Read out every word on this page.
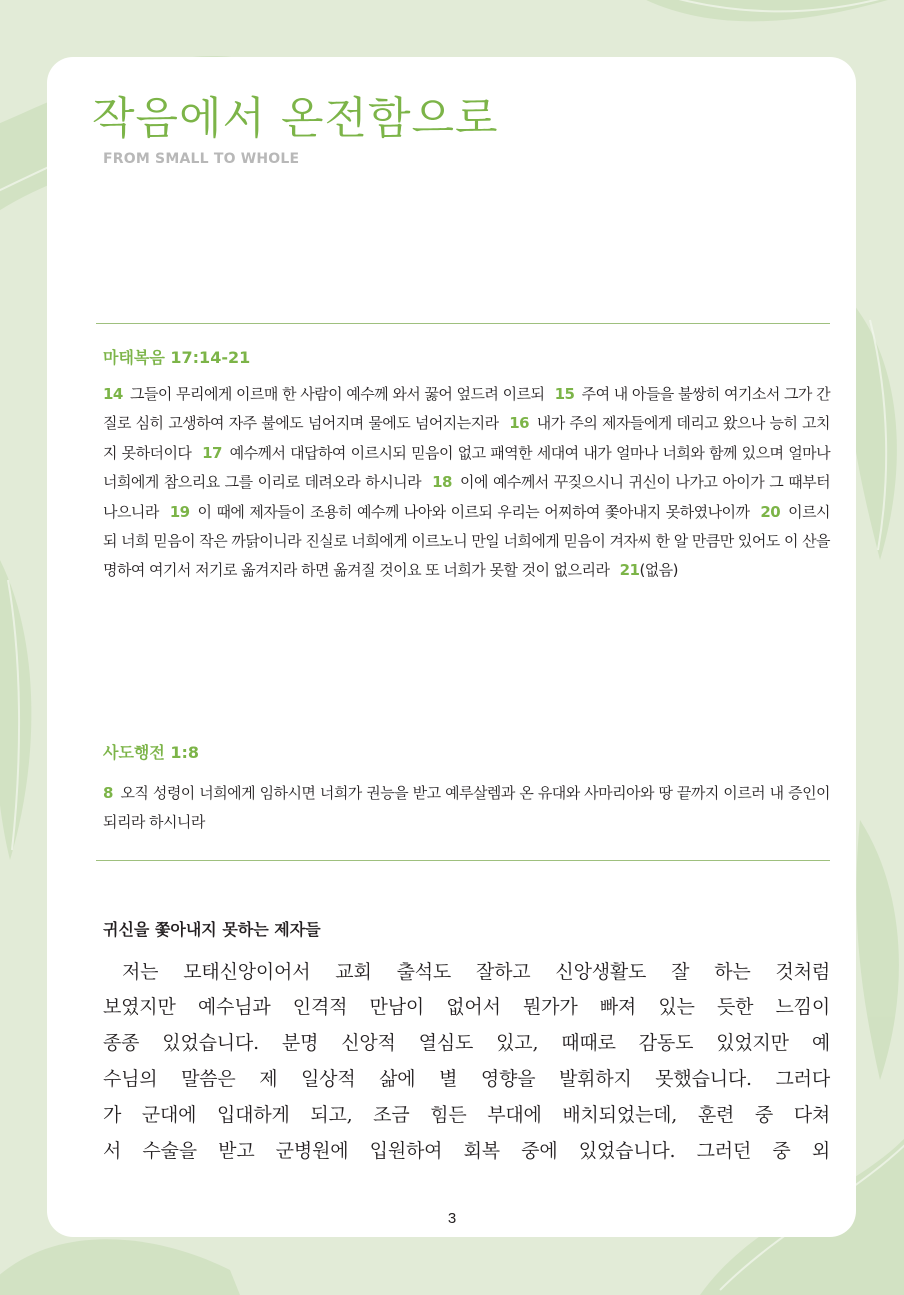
작음에서 온전함으로
FROM SMALL TO WHOLE
마태복음 17:14-21

14 그들이 무리에게 이르매 한 사람이 예수께 와서 꿇어 엎드려 이르되 15 주여 내 아들을 불쌍히 여기소서 그가 간질로 심히 고생하여 자주 불에도 넘어지며 물에도 넘어지는지라 16 내가 주의 제자들에게 데리고 왔으나 능히 고치지 못하더이다 17 예수께서 대답하여 이르시되 믿음이 없고 패역한 세대여 내가 얼마나 너희와 함께 있으며 얼마나 너희에게 참으리요 그를 이리로 데려오라 하시니라 18 이에 예수께서 꾸짖으시니 귀신이 나가고 아이가 그 때부터 나으니라 19 이 때에 제자들이 조용히 예수께 나아와 이르되 우리는 어찌하여 쫓아내지 못하였나이까 20 이르시되 너희 믿음이 작은 까닭이니라 진실로 너희에게 이르노니 만일 너희에게 믿음이 겨자씨 한 알 만큼만 있어도 이 산을 명하여 여기서 저기로 옮겨지라 하면 옮겨질 것이요 또 너희가 못할 것이 없으리라 21(없음)

사도행전 1:8

8 오직 성령이 너희에게 임하시면 너희가 권능을 받고 예루살렘과 온 유대와 사마리아와 땅 끝까지 이르러 내 증인이 되리라 하시니라

귀신을 쫓아내지 못하는 제자들
저는 모태신앙이어서 교회 출석도 잘하고 신앙생활도 잘 하는 것처럼
보였지만 예수님과 인격적 만남이 없어서 뭔가가 빠져 있는 듯한 느낌이
종종 있었습니다. 분명 신앙적 열심도 있고, 때때로 감동도 있었지만 예
수님의 말씀은 제 일상적 삶에 별 영향을 발휘하지 못했습니다. 그러다
가 군대에 입대하게 되고, 조금 힘든 부대에 배치되었는데, 훈련 중 다쳐
서 수술을 받고 군병원에 입원하여 회복 중에 있었습니다. 그러던 중 외
3
